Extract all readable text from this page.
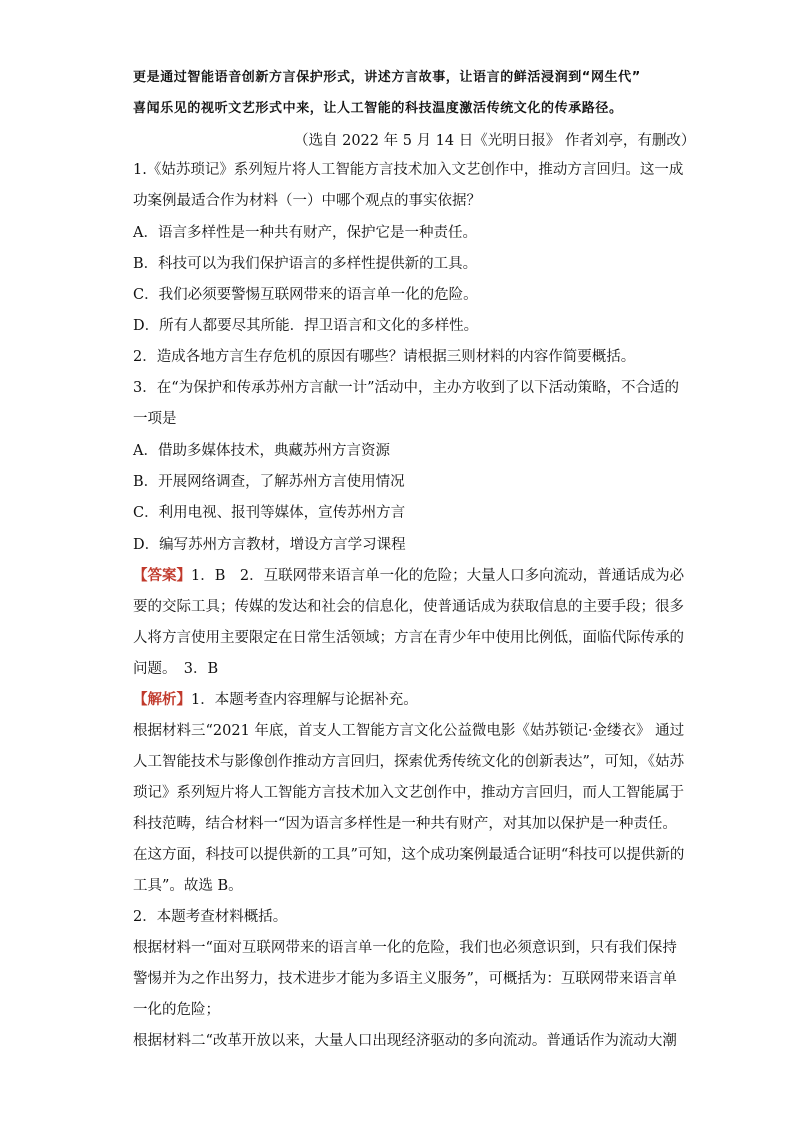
更是通过智能语音创新方言保护形式，讲述方言故事，让语言的鲜活浸润到“网生代”
喜闻乐见的视听文艺形式中来，让人工智能的科技温度激活传统文化的传承路径。
（选自 2022 年 5 月 14 日《光明日报》 作者刘亭，有删改）
1.《姑苏琐记》系列短片将人工智能方言技术加入文艺创作中，推动方言回归。这一成
功案例最适合作为材料（一）中哪个观点的事实依据？
A．语言多样性是一种共有财产，保护它是一种责任。
B．科技可以为我们保护语言的多样性提供新的工具。
C．我们必须要警惕互联网带来的语言单一化的危险。
D．所有人都要尽其所能．捍卫语言和文化的多样性。
2．造成各地方言生存危机的原因有哪些？请根据三则材料的内容作简要概括。
3．在“为保护和传承苏州方言献一计”活动中，主办方收到了以下活动策略，不合适的
一项是
A．借助多媒体技术，典藏苏州方言资源
B．开展网络调查，了解苏州方言使用情况
C．利用电视、报刊等媒体，宣传苏州方言
D．编写苏州方言教材，增设方言学习课程
【答案】1．B　2．互联网带来语言单一化的危险；大量人口多向流动，普通话成为必
要的交际工具；传媒的发达和社会的信息化，使普通话成为获取信息的主要手段；很多
人将方言使用主要限定在日常生活领域；方言在青少年中使用比例低，面临代际传承的
问题。　3．B
【解析】1．本题考查内容理解与论据补充。
根据材料三“2021 年底，首支人工智能方言文化公益微电影《姑苏锁记·金缕衣》 通过
人工智能技术与影像创作推动方言回归，探索优秀传统文化的创新表达”，可知，《姑苏
琐记》系列短片将人工智能方言技术加入文艺创作中，推动方言回归，而人工智能属于
科技范畴，结合材料一“因为语言多样性是一种共有财产，对其加以保护是一种责任。
在这方面，科技可以提供新的工具”可知，这个成功案例最适合证明“科技可以提供新的
工具”。故选 B。
2．本题考查材料概括。
根据材料一“面对互联网带来的语言单一化的危险，我们也必须意识到，只有我们保持
警惕并为之作出努力，技术进步才能为多语主义服务”，可概括为：互联网带来语言单
一化的危险；
根据材料二“改革开放以来，大量人口出现经济驱动的多向流动。普通话作为流动大潮
